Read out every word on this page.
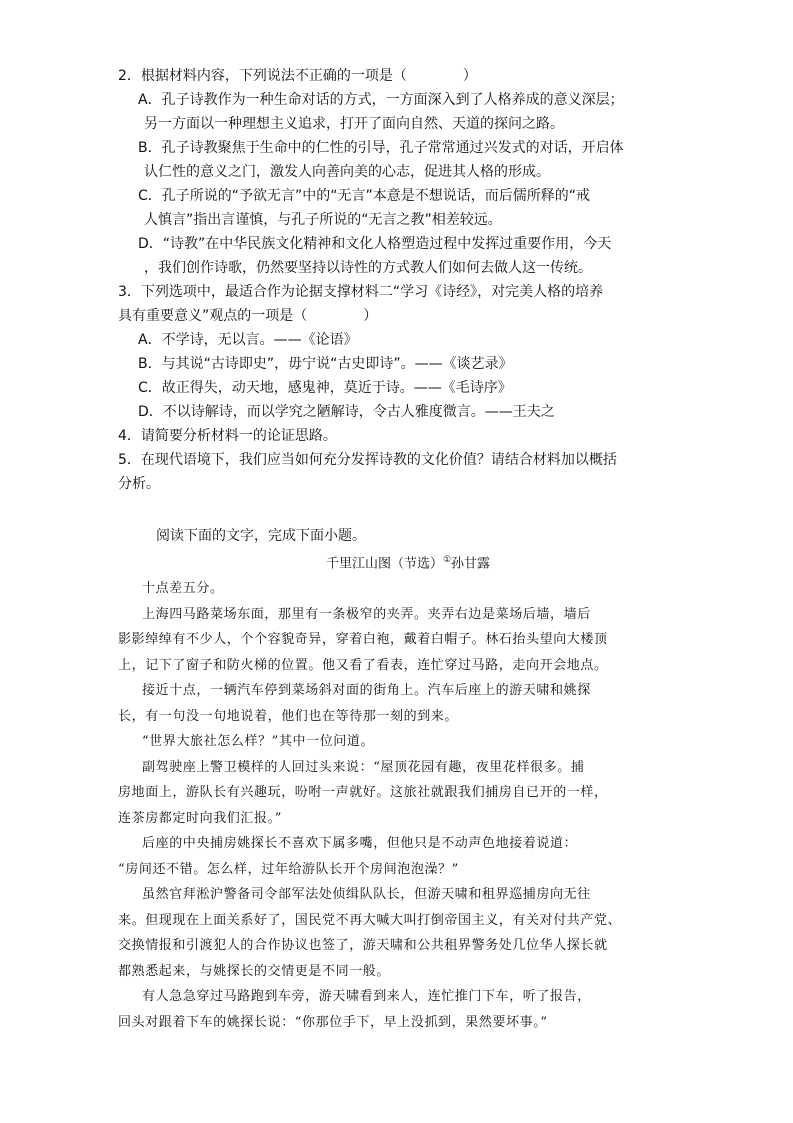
2．根据材料内容，下列说法不正确的一项是（　　　　）

A．孔子诗教作为一种生命对话的方式，一方面深入到了人格养成的意义深层；
另一方面以一种理想主义追求，打开了面向自然、天道的探问之路。
B．孔子诗教聚焦于生命中的仁性的引导，孔子常常通过兴发式的对话，开启体
认仁性的意义之门，激发人向善向美的心志，促进其人格的形成。
C．孔子所说的“予欲无言”中的“无言”本意是不想说话，而后儒所释的“戒
人慎言”指出言谨慎，与孔子所说的“无言之教”相差较远。
D．“诗教”在中华民族文化精神和文化人格塑造过程中发挥过重要作用，今天
，我们创作诗歌，仍然要坚持以诗性的方式教人们如何去做人这一传统。

3．下列选项中，最适合作为论据支撑材料二“学习《诗经》，对完美人格的培养

具有重要意义”观点的一项是（　　　　）

A．不学诗，无以言。——《论语》
B．与其说“古诗即史”，毋宁说“古史即诗”。——《谈艺录》
C．故正得失，动天地，感鬼神，莫近于诗。——《毛诗序》
D．不以诗解诗，而以学究之陋解诗，令古人雅度微言。——王夫之

4．请简要分析材料一的论证思路。

5．在现代语境下，我们应当如何充分发挥诗教的文化价值？请结合材料加以概括

分析。

阅读下面的文字，完成下面小题。

千里江山图（节选）①孙甘露

十点差五分。

上海四马路菜场东面，那里有一条极窄的夹弄。夹弄右边是菜场后墙，墙后
影影绰绰有不少人，个个容貌奇异，穿着白袍，戴着白帽子。林石抬头望向大楼顶
上，记下了窗子和防火梯的位置。他又看了看表，连忙穿过马路，走向开会地点。

接近十点，一辆汽车停到菜场斜对面的街角上。汽车后座上的游天啸和姚探
长，有一句没一句地说着，他们也在等待那一刻的到来。

“世界大旅社怎么样？”其中一位问道。

副驾驶座上警卫模样的人回过头来说：“屋顶花园有趣，夜里花样很多。捕
房地面上，游队长有兴趣玩，吩咐一声就好。这旅社就跟我们捕房自已开的一样，
连茶房都定时向我们汇报。”

后座的中央捕房姚探长不喜欢下属多嘴，但他只是不动声色地接着说道：
“房间还不错。怎么样，过年给游队长开个房间泡泡澡？”

虽然官拜淞沪警备司令部军法处侦缉队队长，但游天啸和租界巡捕房向无往
来。但现现在上面关系好了，国民党不再大喊大叫打倒帝国主义，有关对付共产党、
交换情报和引渡犯人的合作协议也签了，游天啸和公共租界警务处几位华人探长就
都熟悉起来，与姚探长的交情更是不同一般。

有人急急穿过马路跑到车旁，游天啸看到来人，连忙推门下车，听了报告，
回头对跟着下车的姚探长说：“你那位手下，早上没抓到，果然要坏事。”
